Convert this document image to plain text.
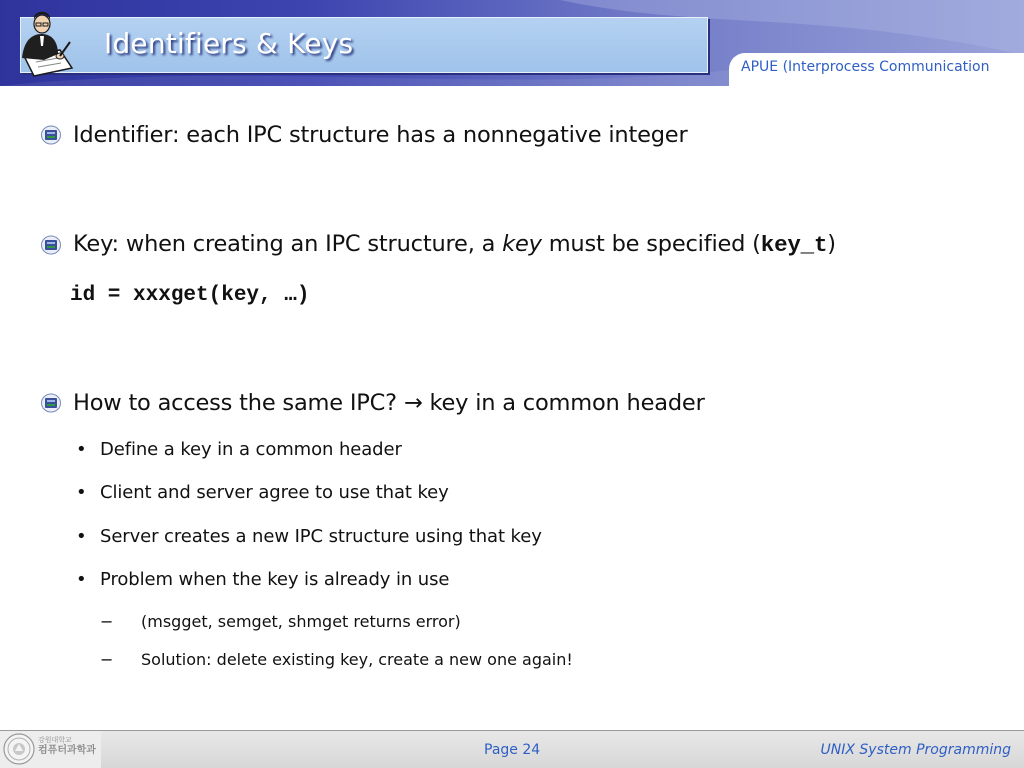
Identifiers & Keys
APUE (Interprocess Communication
Identifier: each IPC structure has a nonnegative integer
Key: when creating an IPC structure, a key must be specified (key_t)
id = xxxget(key, …)
How to access the same IPC? → key in a common header
• Define a key in a common header
• Client and server agree to use that key
• Server creates a new IPC structure using that key
• Problem when the key is already in use
−	(msgget, semget, shmget returns error)
−	Solution: delete existing key, create a new one again!
강원대학교
컴퓨터과학과	Page 24	UNIX System Programming
